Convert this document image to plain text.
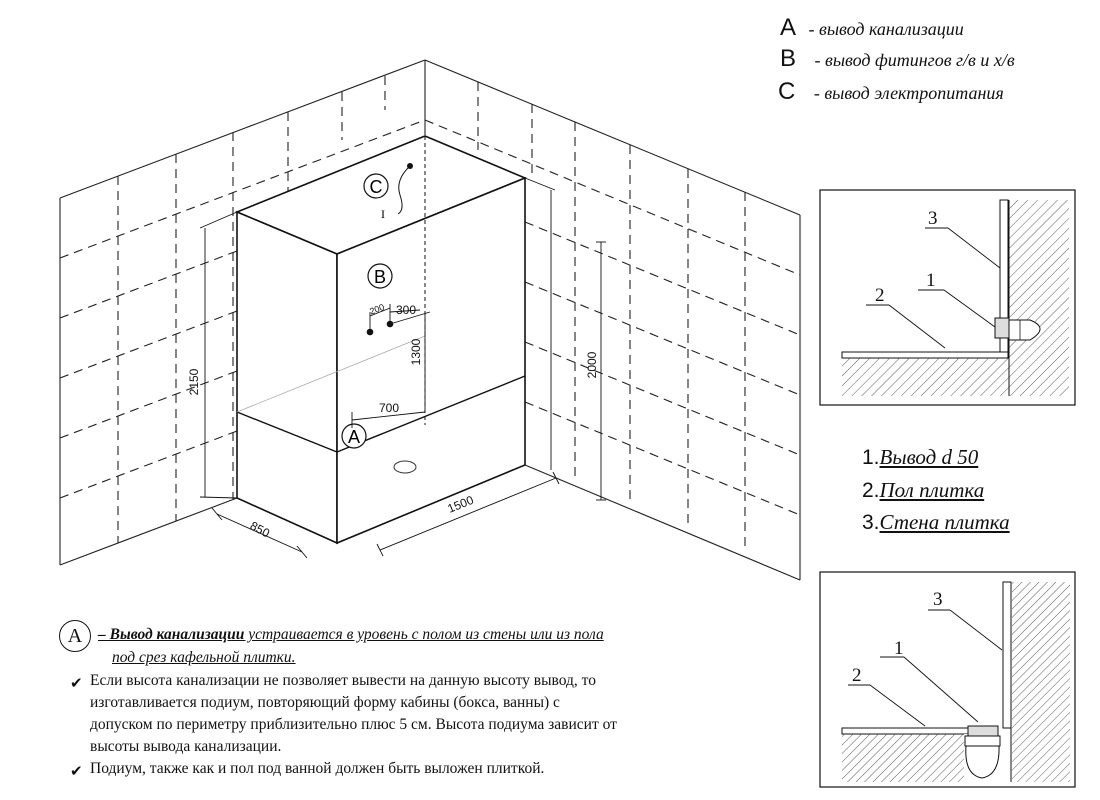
C
I
B
A
2150
2000
1300
700
850
1500
200 300
3
1
2
3
1
2
A - вывод канализации
B - вывод фитингов г/в и х/в
C - вывод электропитания
1.Вывод d 50
2.Пол плитка
3.Стена плитка
A	– Вывод канализации устраивается в уровень с полом из стены или из пола
под срез кафельной плитки.
✔ Если высота канализации не позволяет вывести на данную высоту вывод, то
изготавливается подиум, повторяющий форму кабины (бокса, ванны) с
допуском по периметру приблизительно плюс 5 см. Высота подиума зависит от
высоты вывода канализации.
✔ Подиум, также как и пол под ванной должен быть выложен плиткой.
